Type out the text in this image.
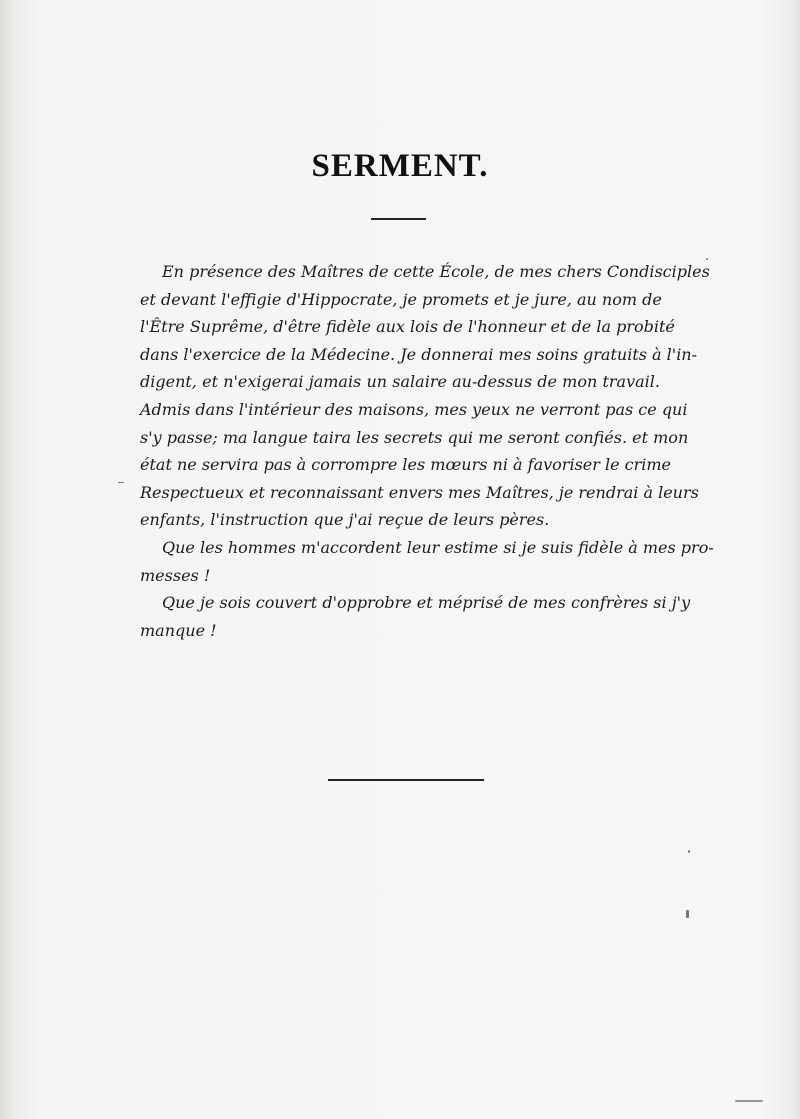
SERMENT.
En présence des Maîtres de cette École, de mes chers Condisciples
et devant l'effigie d'Hippocrate, je promets et je jure, au nom de
l'Être Suprême, d'être fidèle aux lois de l'honneur et de la probité
dans l'exercice de la Médecine. Je donnerai mes soins gratuits à l'in-
digent, et n'exigerai jamais un salaire au-dessus de mon travail.
Admis dans l'intérieur des maisons, mes yeux ne verront pas ce qui
s'y passe; ma langue taira les secrets qui me seront confiés. et mon
état ne servira pas à corrompre les mœurs ni à favoriser le crime
Respectueux et reconnaissant envers mes Maîtres, je rendrai à leurs
enfants, l'instruction que j'ai reçue de leurs pères.
Que les hommes m'accordent leur estime si je suis fidèle à mes pro-
messes !
Que je sois couvert d'opprobre et méprisé de mes confrères si j'y
manque !
